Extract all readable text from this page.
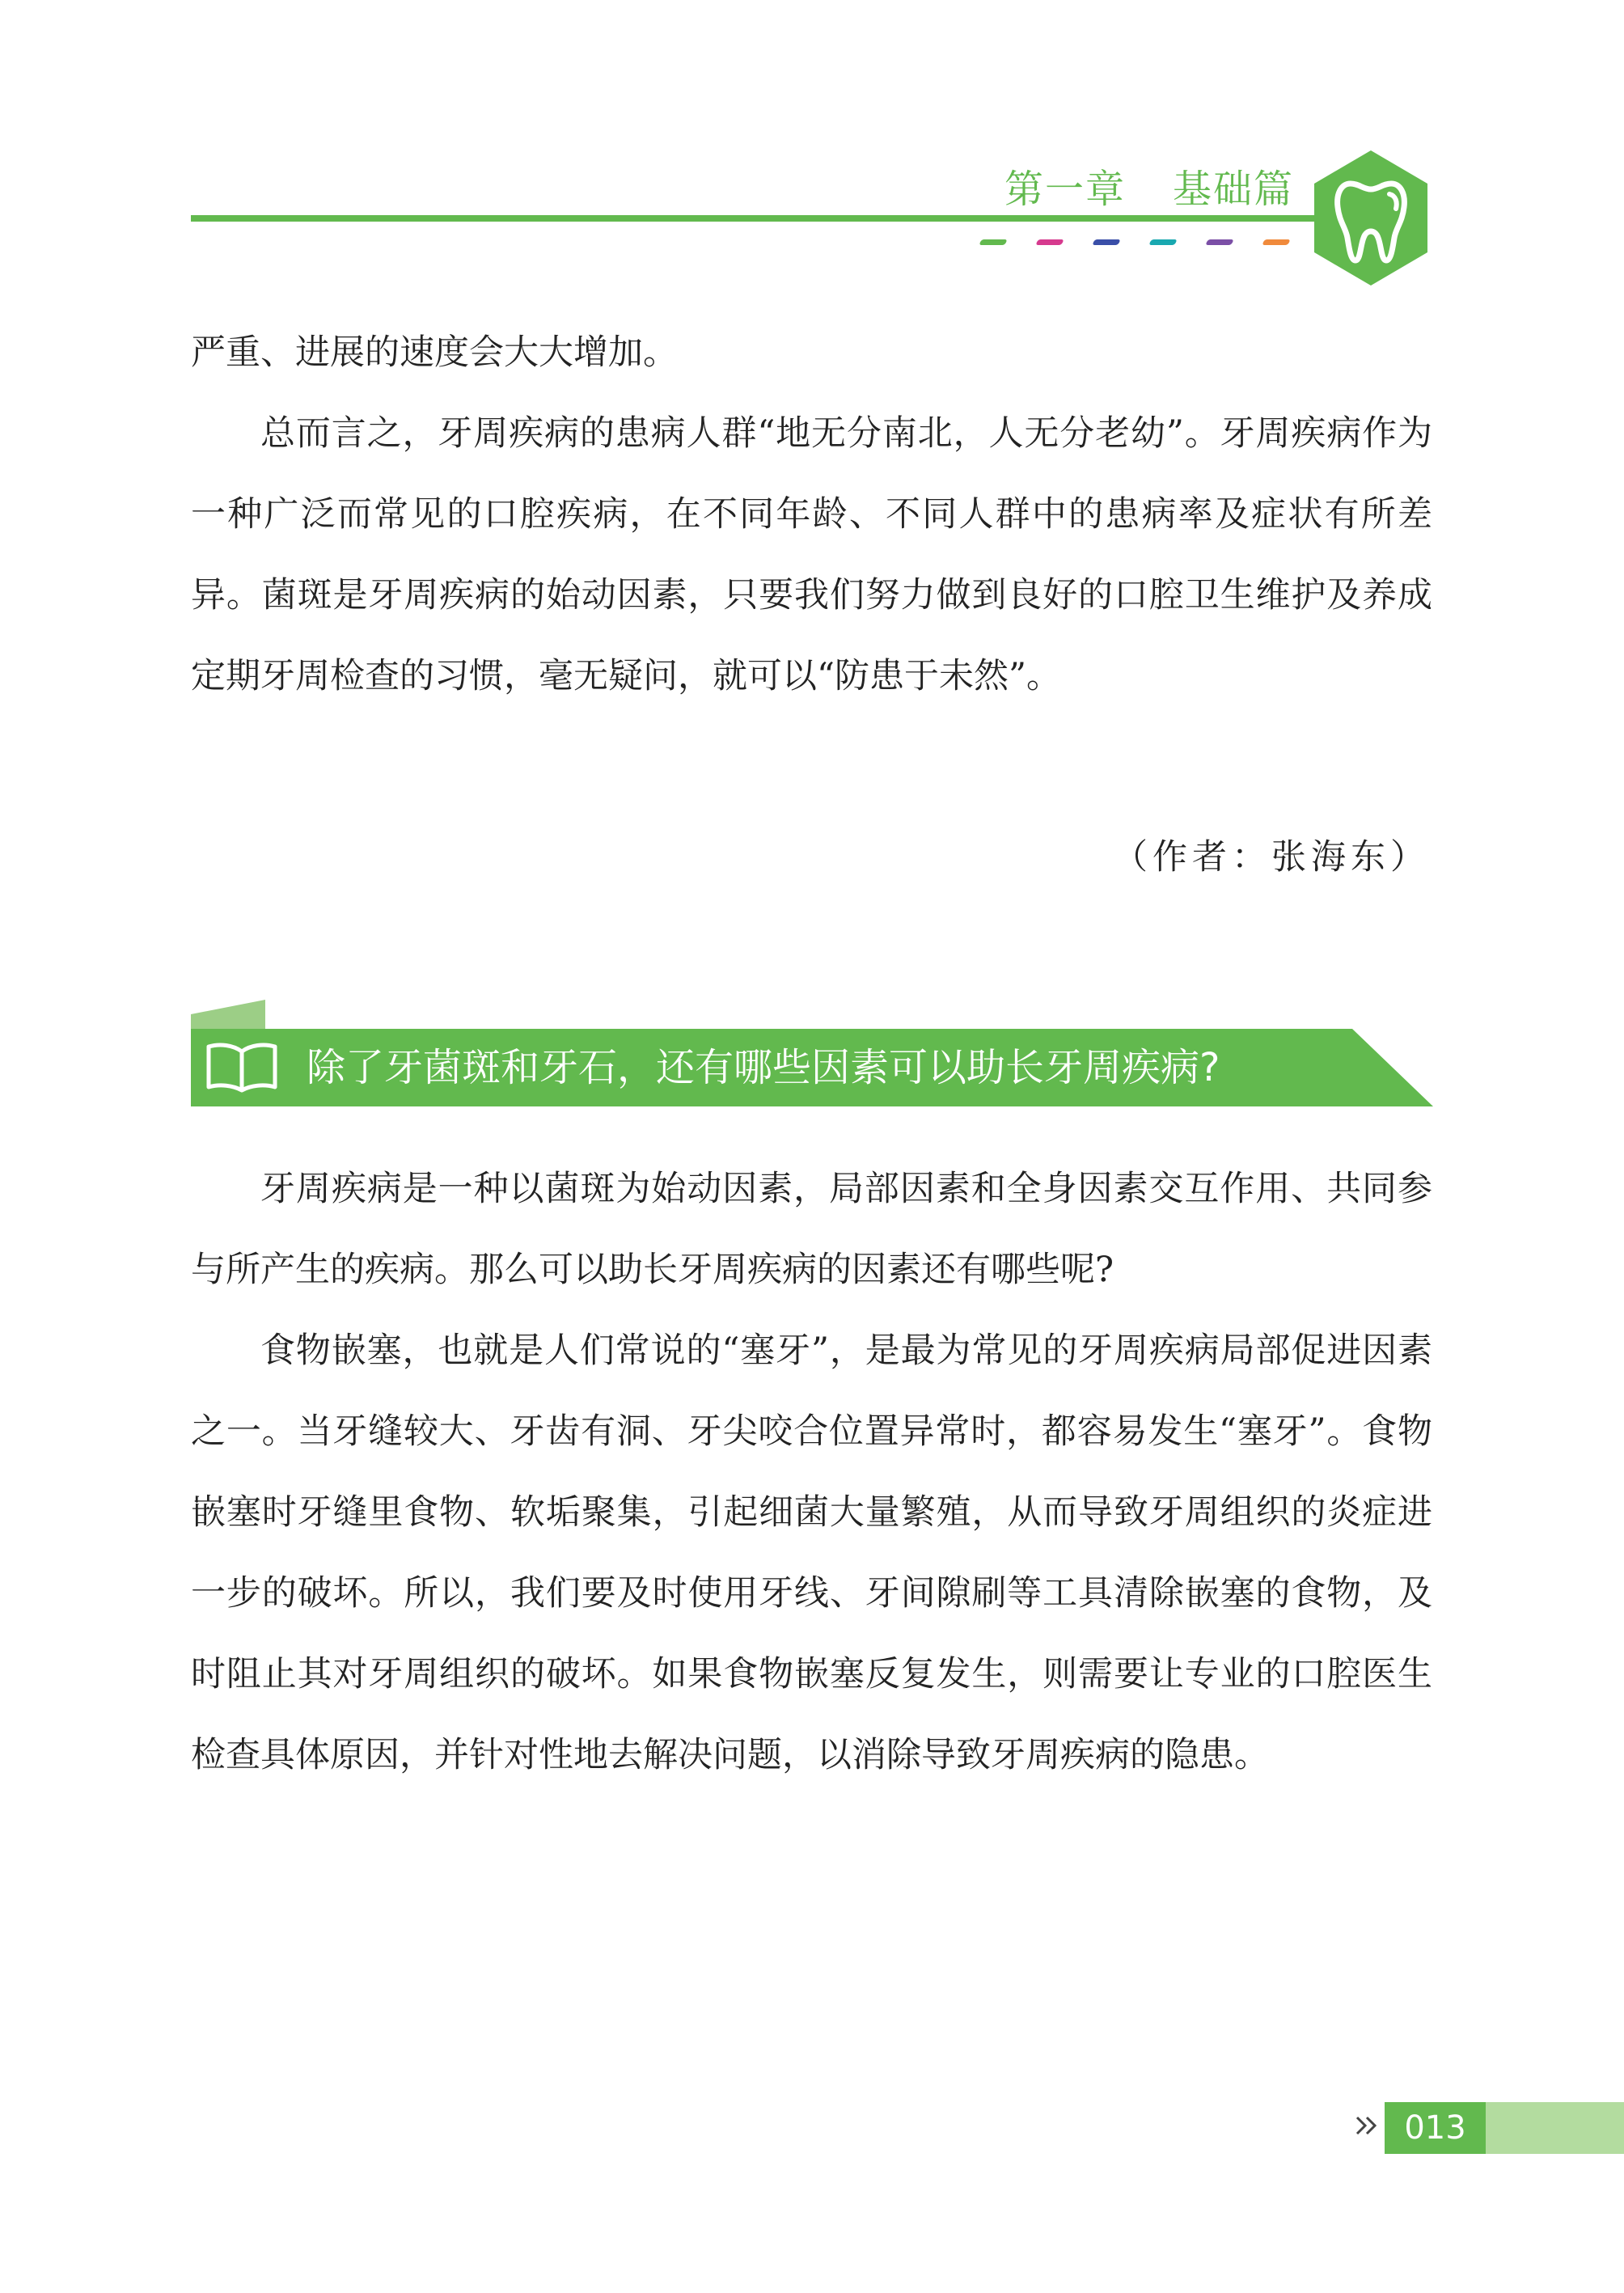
第一章 基础篇

严重、进展的速度会大大增加。

总而言之，牙周疾病的患病人群“地无分南北，人无分老幼”。牙周疾病作为一种广泛而常见的口腔疾病，在不同年龄、不同人群中的患病率及症状有所差异。菌斑是牙周疾病的始动因素，只要我们努力做到良好的口腔卫生维护及养成定期牙周检查的习惯，毫无疑问，就可以“防患于未然”。

（作者：张海东）
除了牙菌斑和牙石，还有哪些因素可以助长牙周疾病?

牙周疾病是一种以菌斑为始动因素，局部因素和全身因素交互作用、共同参与所产生的疾病。那么可以助长牙周疾病的因素还有哪些呢?

食物嵌塞，也就是人们常说的“塞牙”，是最为常见的牙周疾病局部促进因素之一。当牙缝较大、牙齿有洞、牙尖咬合位置异常时，都容易发生“塞牙”。食物嵌塞时牙缝里食物、软垢聚集，引起细菌大量繁殖，从而导致牙周组织的炎症进一步的破坏。所以，我们要及时使用牙线、牙间隙刷等工具清除嵌塞的食物，及时阻止其对牙周组织的破坏。如果食物嵌塞反复发生，则需要让专业的口腔医生检查具体原因，并针对性地去解决问题，以消除导致牙周疾病的隐患。

013
